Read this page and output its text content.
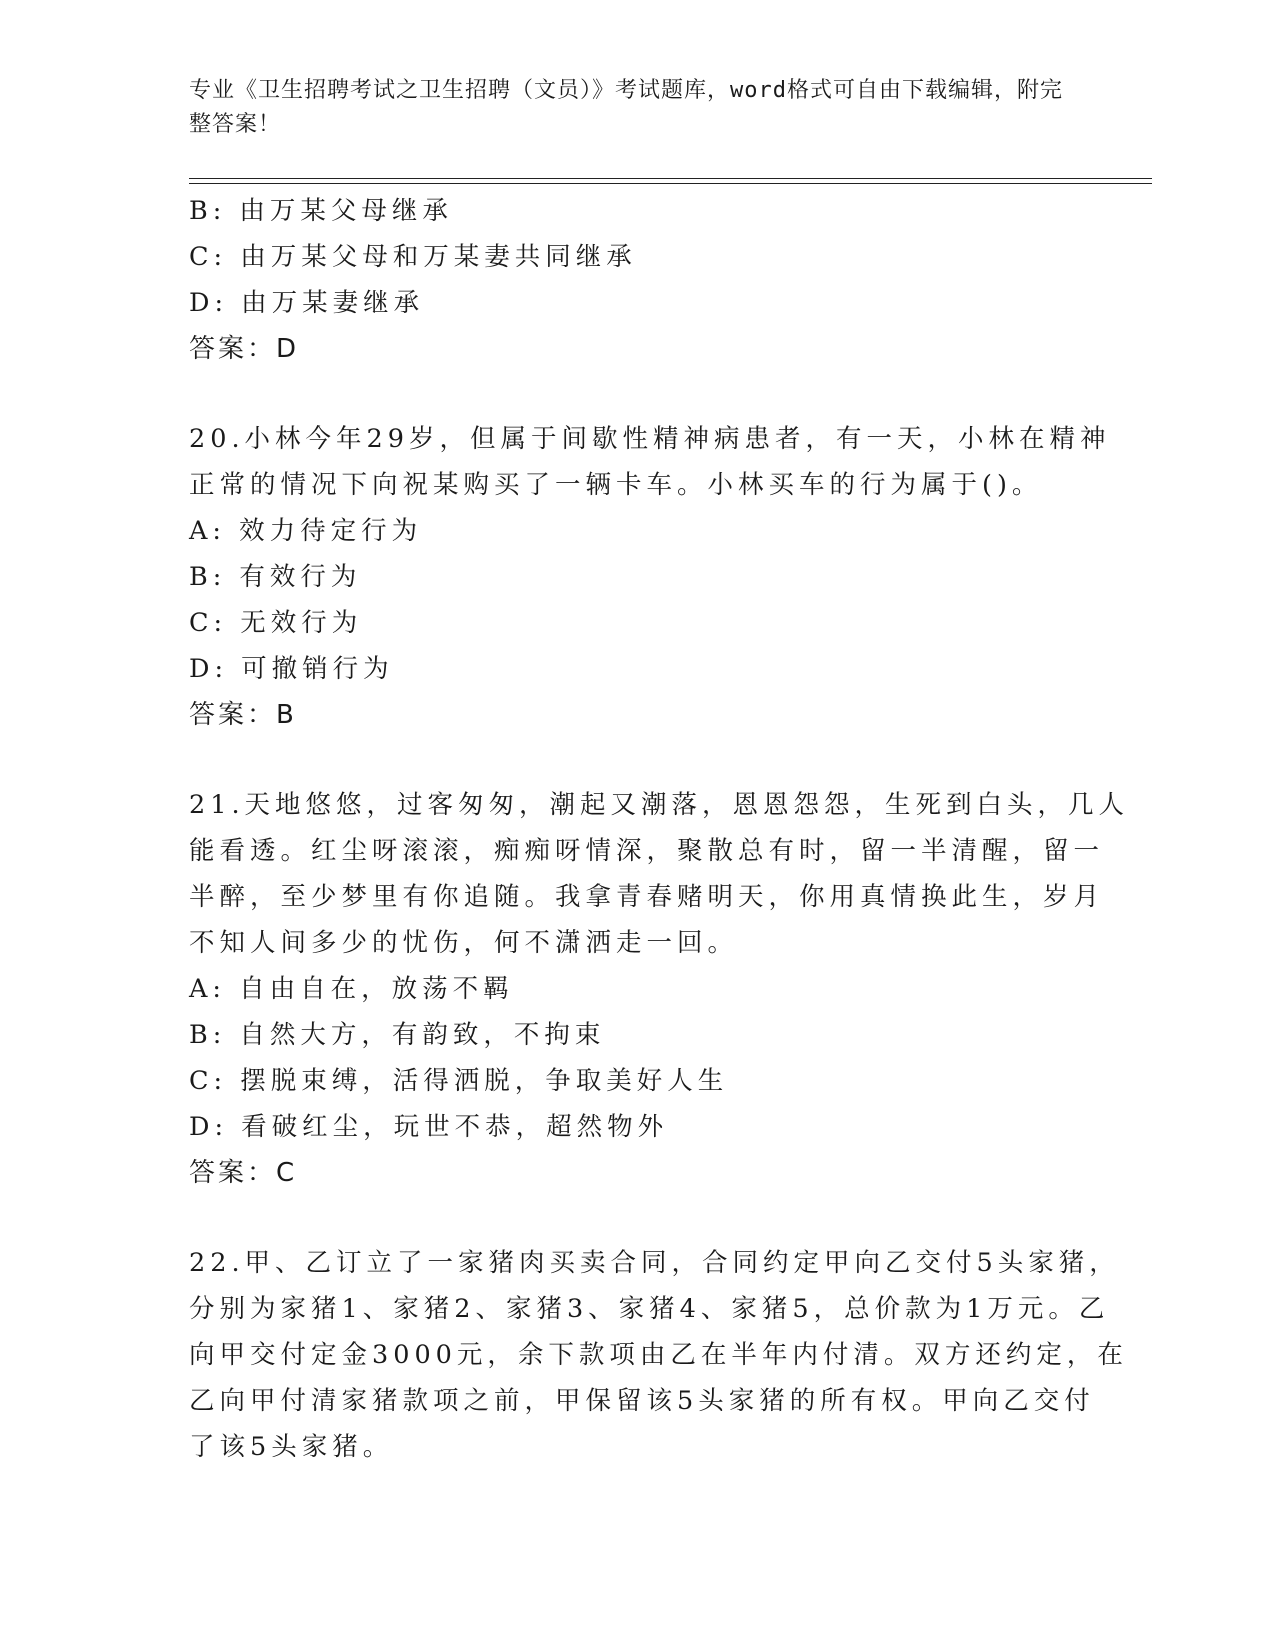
专业《卫生招聘考试之卫生招聘（文员）》考试题库，word格式可自由下载编辑，附完整答案！
B: 由万某父母继承
C: 由万某父母和万某妻共同继承
D: 由万某妻继承
答案：D
20.小林今年29岁，但属于间歇性精神病患者，有一天，小林在精神
正常的情况下向祝某购买了一辆卡车。小林买车的行为属于()。
A: 效力待定行为
B: 有效行为
C: 无效行为
D: 可撤销行为
答案：B
21.天地悠悠，过客匆匆，潮起又潮落，恩恩怨怨，生死到白头，几人
能看透。红尘呀滚滚，痴痴呀情深，聚散总有时，留一半清醒，留一
半醉，至少梦里有你追随。我拿青春赌明天，你用真情换此生，岁月
不知人间多少的忧伤，何不潇洒走一回。
A: 自由自在，放荡不羁
B: 自然大方，有韵致，不拘束
C: 摆脱束缚，活得洒脱，争取美好人生
D: 看破红尘，玩世不恭，超然物外
答案：C
22.甲、乙订立了一家猪肉买卖合同，合同约定甲向乙交付5头家猪，
分别为家猪1、家猪2、家猪3、家猪4、家猪5，总价款为1万元。乙
向甲交付定金3000元，余下款项由乙在半年内付清。双方还约定，在
乙向甲付清家猪款项之前，甲保留该5头家猪的所有权。甲向乙交付
了该5头家猪。
